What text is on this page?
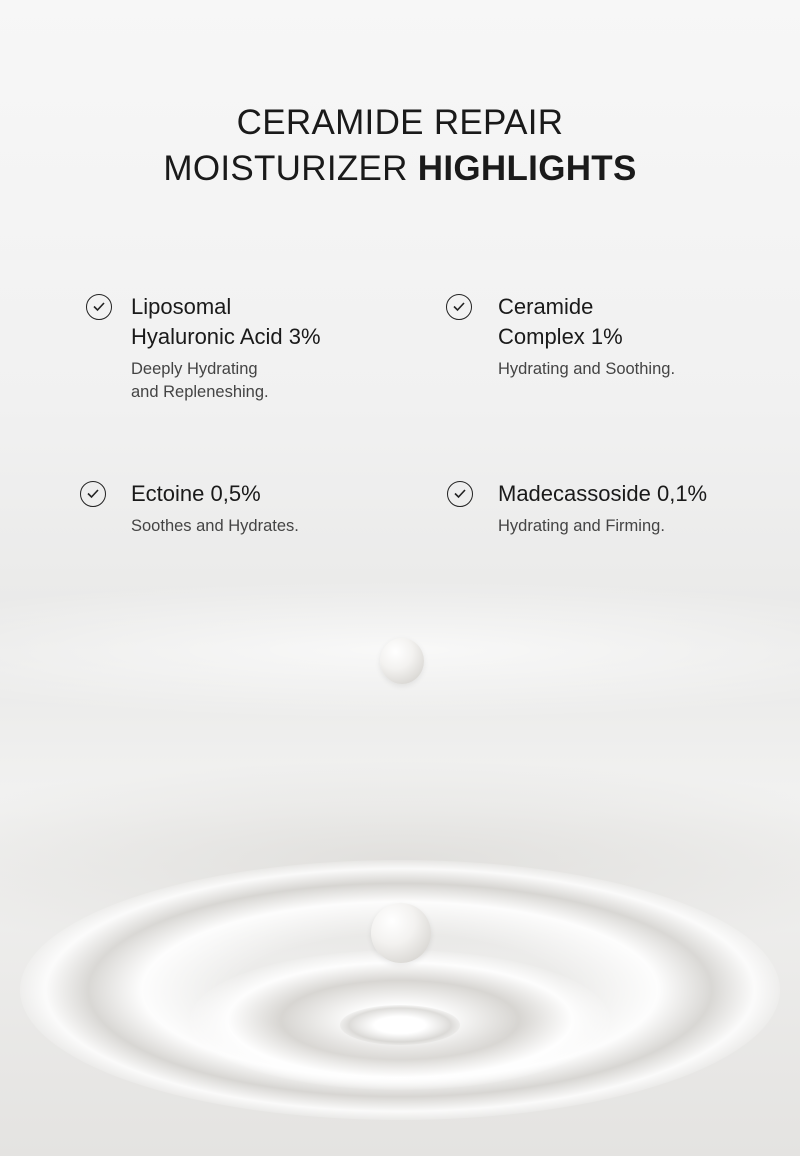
CERAMIDE REPAIR
MOISTURIZER HIGHLIGHTS
Liposomal
Hyaluronic Acid 3%
Deeply Hydrating
and Repleneshing.
Ceramide
Complex 1%
Hydrating and Soothing.
Ectoine 0,5%
Soothes and Hydrates.
Madecassoside 0,1%
Hydrating and Firming.
